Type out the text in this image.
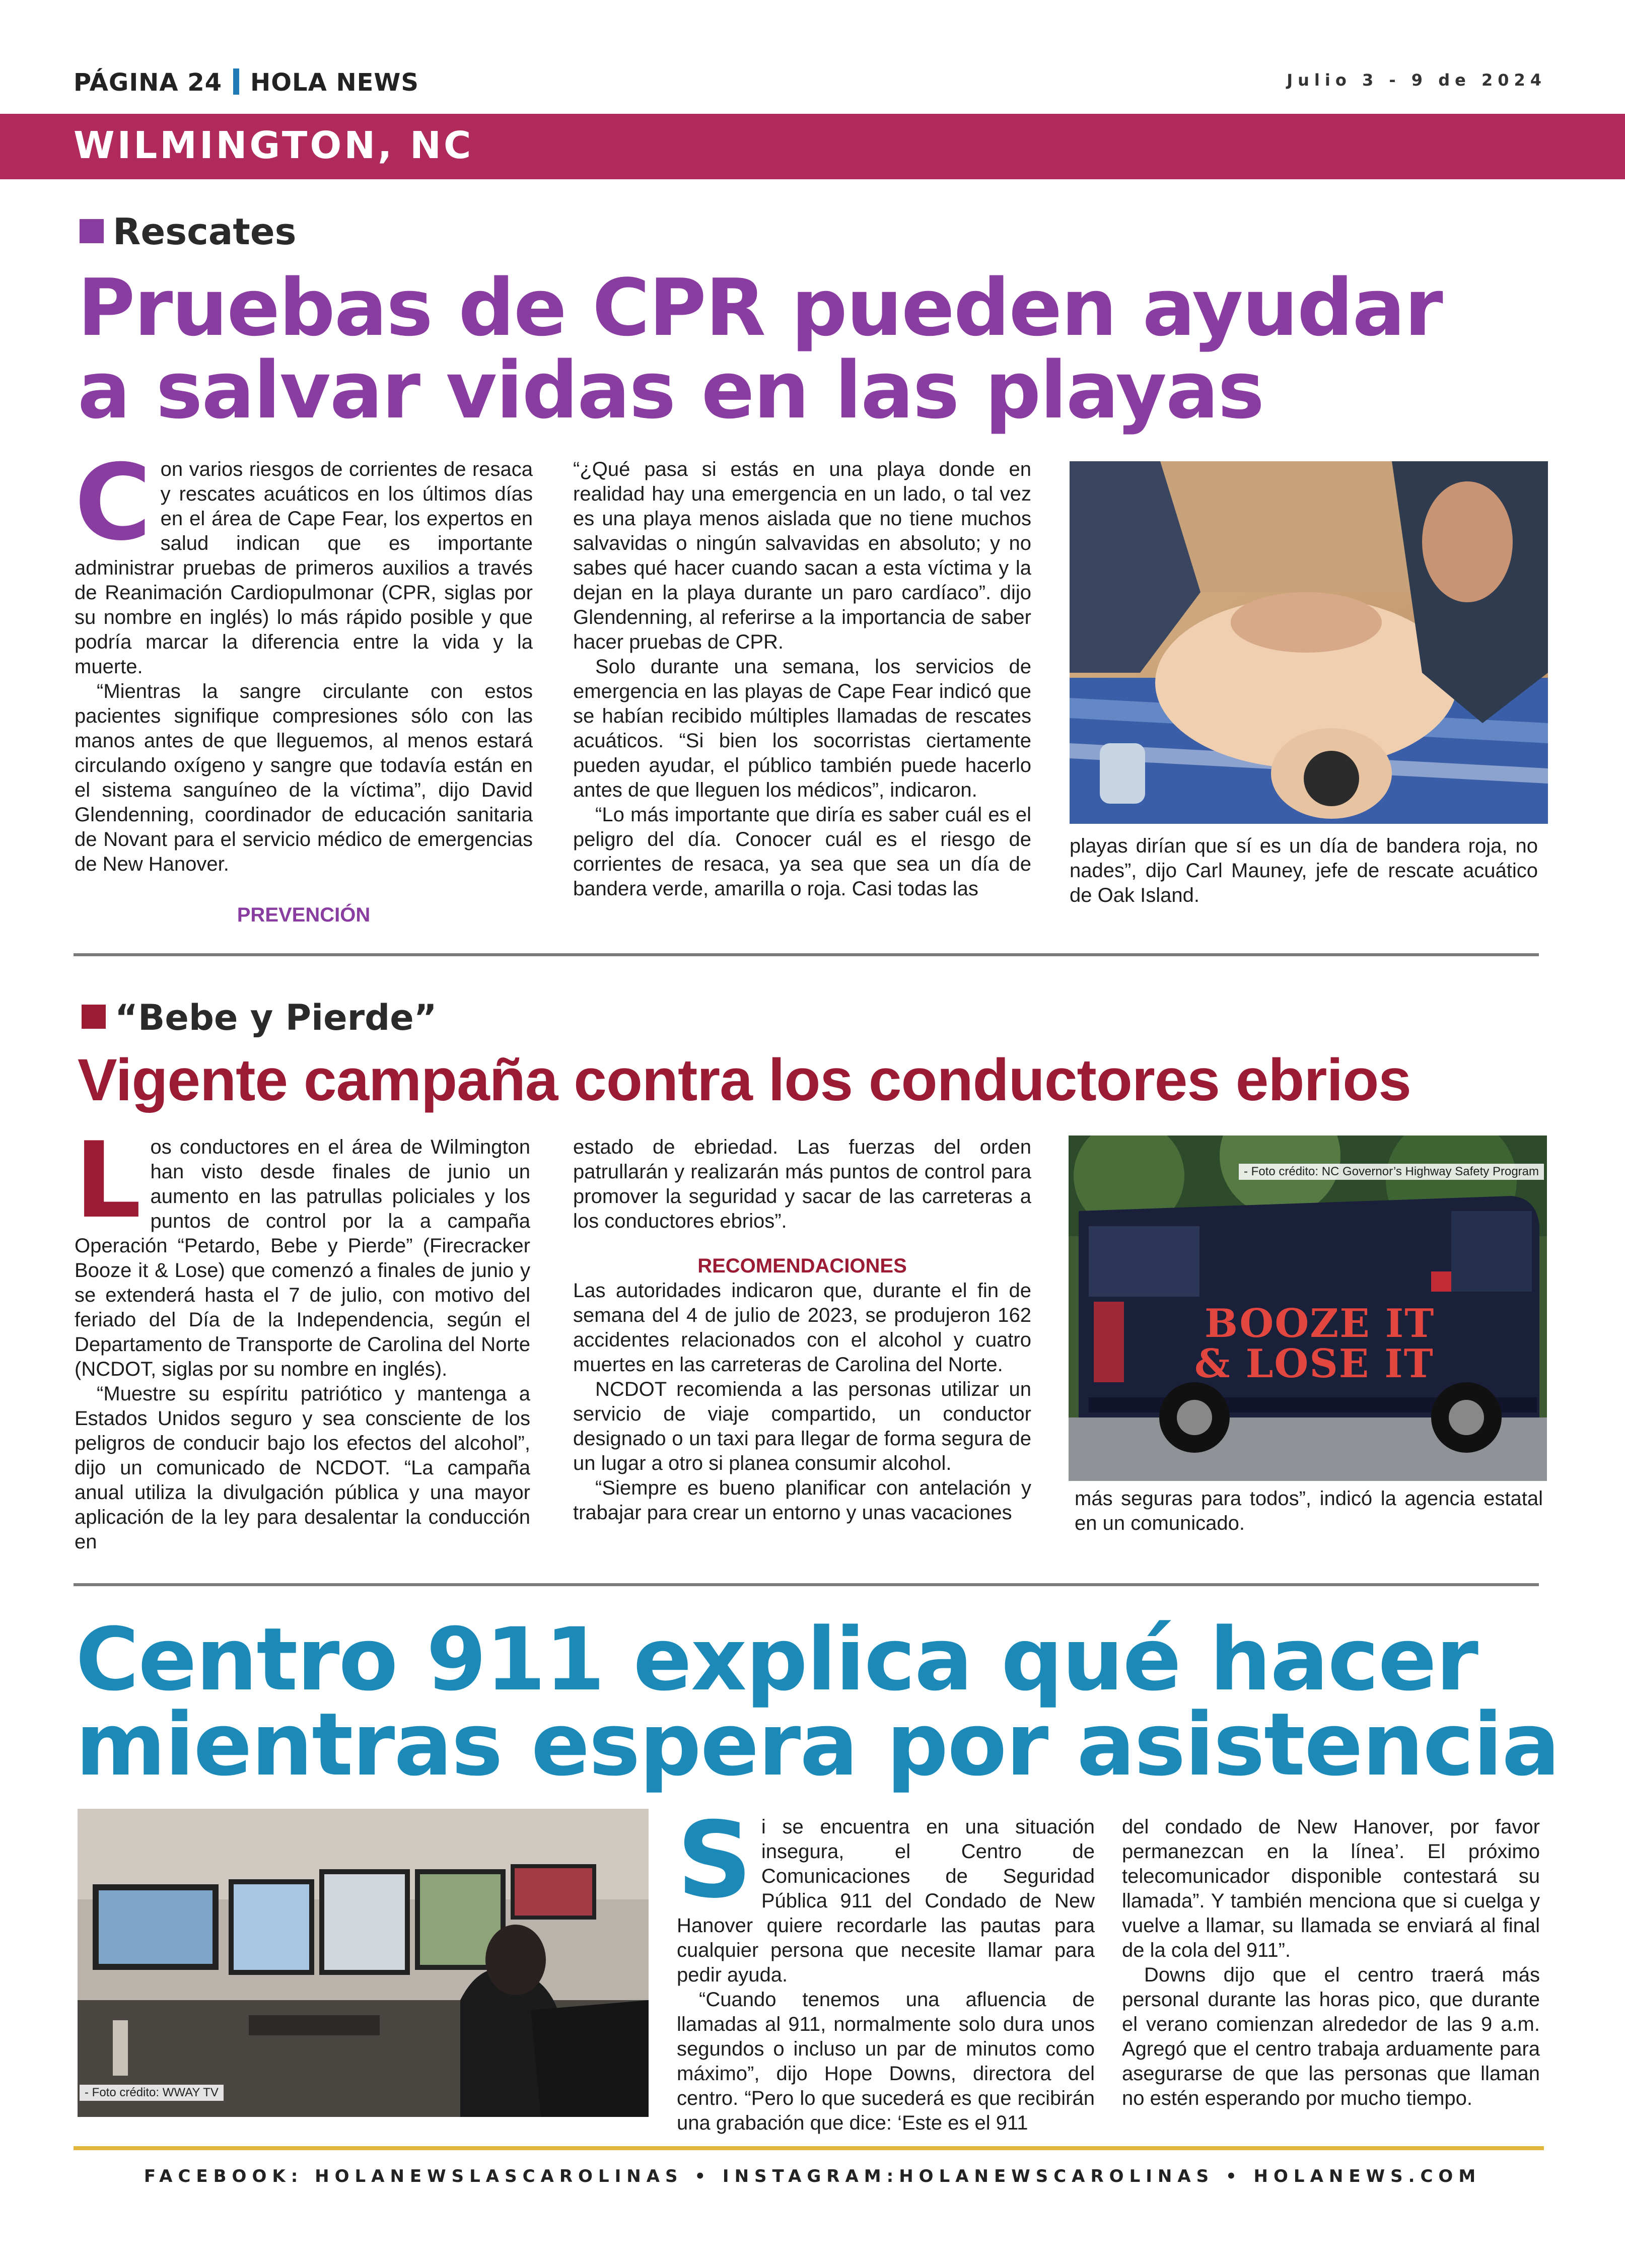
PÁGINA 24 HOLA NEWS	Julio 3 - 9 de 2024
WILMINGTON, NC
Rescates
Pruebas de CPR pueden ayudar
a salvar vidas en las playas
C on varios riesgos de corrientes de resaca y rescates acuáticos en los últimos días en el área de Cape Fear, los expertos en salud indican que es importante administrar pruebas de primeros auxilios a través de Reanimación Cardiopulmonar (CPR, siglas por su nombre en inglés) lo más rápido posible y que podría marcar la diferencia entre la vida y la muerte.

“Mientras la sangre circulante con estos pacientes signifique compresiones sólo con las manos antes de que lleguemos, al menos estará circulando oxígeno y sangre que todavía están en el sistema sanguíneo de la víctima”, dijo David Glendenning, coordinador de educación sanitaria de Novant para el servicio médico de emergencias de New Hanover.

PREVENCIÓN

“¿Qué pasa si estás en una playa donde en realidad hay una emergencia en un lado, o tal vez es una playa menos aislada que no tiene muchos salvavidas o ningún salvavidas en absoluto; y no sabes qué hacer cuando sacan a esta víctima y la dejan en la playa durante un paro cardíaco”. dijo Glendenning, al referirse a la importancia de saber hacer pruebas de CPR.

Solo durante una semana, los servicios de emergencia en las playas de Cape Fear indicó que se habían recibido múltiples llamadas de rescates acuáticos. “Si bien los socorristas ciertamente pueden ayudar, el público también puede hacerlo antes de que lleguen los médicos”, indicaron.

“Lo más importante que diría es saber cuál es el peligro del día. Conocer cuál es el riesgo de corrientes de resaca, ya sea que sea un día de bandera verde, amarilla o roja. Casi todas las

playas dirían que sí es un día de bandera roja, no nades”, dijo Carl Mauney, jefe de rescate acuático de Oak Island.

“Bebe y Pierde”
Vigente campaña contra los conductores ebrios
L os conductores en el área de Wilmington han visto desde finales de junio un aumento en las patrullas policiales y los puntos de control por la a campaña Operación “Petardo, Bebe y Pierde” (Firecracker Booze it & Lose) que comenzó a finales de junio y se extenderá hasta el 7 de julio, con motivo del feriado del Día de la Independencia, según el Departamento de Transporte de Carolina del Norte (NCDOT, siglas por su nombre en inglés).

“Muestre su espíritu patriótico y mantenga a Estados Unidos seguro y sea consciente de los peligros de conducir bajo los efectos del alcohol”, dijo un comunicado de NCDOT. “La campaña anual utiliza la divulgación pública y una mayor aplicación de la ley para desalentar la conducción en

estado de ebriedad. Las fuerzas del orden patrullarán y realizarán más puntos de control para promover la seguridad y sacar de las carreteras a los conductores ebrios”.

RECOMENDACIONES

Las autoridades indicaron que, durante el fin de semana del 4 de julio de 2023, se produjeron 162 accidentes relacionados con el alcohol y cuatro muertes en las carreteras de Carolina del Norte.

NCDOT recomienda a las personas utilizar un servicio de viaje compartido, un conductor designado o un taxi para llegar de forma segura de un lugar a otro si planea consumir alcohol.

“Siempre es bueno planificar con antelación y trabajar para crear un entorno y unas vacaciones

BOOZE IT
& LOSE IT
- Foto crédito: NC Governor’s Highway Safety Program

más seguras para todos”, indicó la agencia estatal en un comunicado.

Centro 911 explica qué hacer
mientras espera por asistencia
- Foto crédito: WWAY TV
S i se encuentra en una situación insegura, el Centro de Comunicaciones de Seguridad Pública 911 del Condado de New Hanover quiere recordarle las pautas para cualquier persona que necesite llamar para pedir ayuda.

“Cuando tenemos una afluencia de llamadas al 911, normalmente solo dura unos segundos o incluso un par de minutos como máximo”, dijo Hope Downs, directora del centro. “Pero lo que sucederá es que recibirán una grabación que dice: ‘Este es el 911

del condado de New Hanover, por favor permanezcan en la línea’. El próximo telecomunicador disponible contestará su llamada”. Y también menciona que si cuelga y vuelve a llamar, su llamada se enviará al final de la cola del 911”.

Downs dijo que el centro traerá más personal durante las horas pico, que durante el verano comienzan alrededor de las 9 a.m. Agregó que el centro trabaja arduamente para asegurarse de que las personas que llaman no estén esperando por mucho tiempo.

FACEBOOK: HOLANEWSLASCAROLINAS • INSTAGRAM:HOLANEWSCAROLINAS • HOLANEWS.COM
